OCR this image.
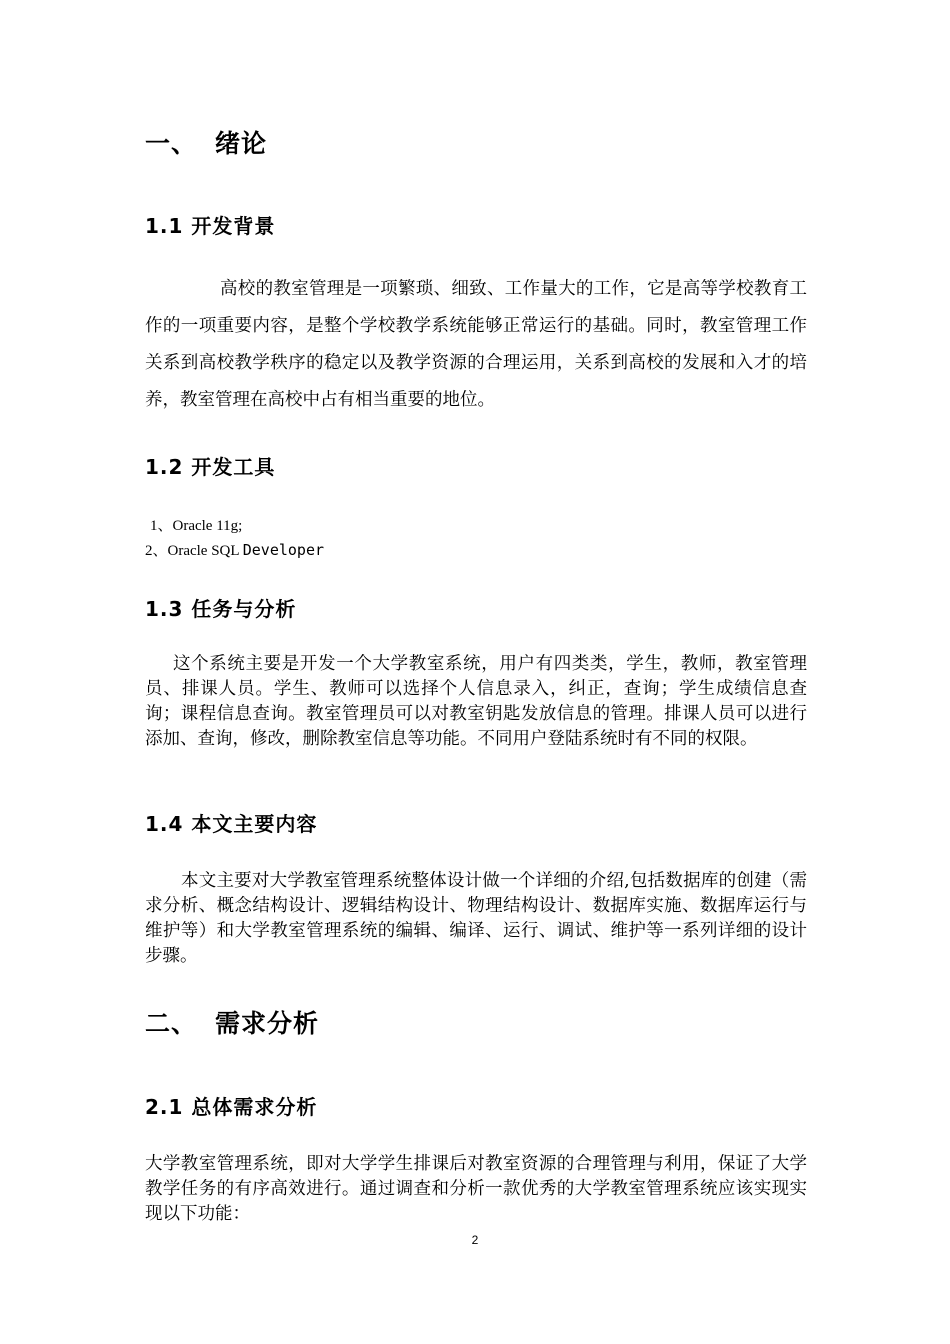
一、 绪论
1.1 开发背景

高校的教室管理是一项繁琐、细致、工作量大的工作，它是高等学校教育工作的一项重要内容，是整个学校教学系统能够正常运行的基础。同时，教室管理工作关系到高校教学秩序的稳定以及教学资源的合理运用，关系到高校的发展和入才的培养，教室管理在高校中占有相当重要的地位。

1.2 开发工具
1、Oracle 11g;
2、Oracle SQL Developer
1.3 任务与分析

这个系统主要是开发一个大学教室系统，用户有四类类，学生，教师，教室管理员、排课人员。学生、教师可以选择个人信息录入，纠正，查询；学生成绩信息查询；课程信息查询。教室管理员可以对教室钥匙发放信息的管理。排课人员可以进行添加、查询，修改，删除教室信息等功能。不同用户登陆系统时有不同的权限。

1.4 本文主要内容

本文主要对大学教室管理系统整体设计做一个详细的介绍,包括数据库的创建（需求分析、概念结构设计、逻辑结构设计、物理结构设计、数据库实施、数据库运行与维护等）和大学教室管理系统的编辑、编译、运行、调试、维护等一系列详细的设计步骤。

二、 需求分析
2.1 总体需求分析

大学教室管理系统，即对大学学生排课后对教室资源的合理管理与利用，保证了大学教学任务的有序高效进行。通过调查和分析一款优秀的大学教室管理系统应该实现实现以下功能：

2
